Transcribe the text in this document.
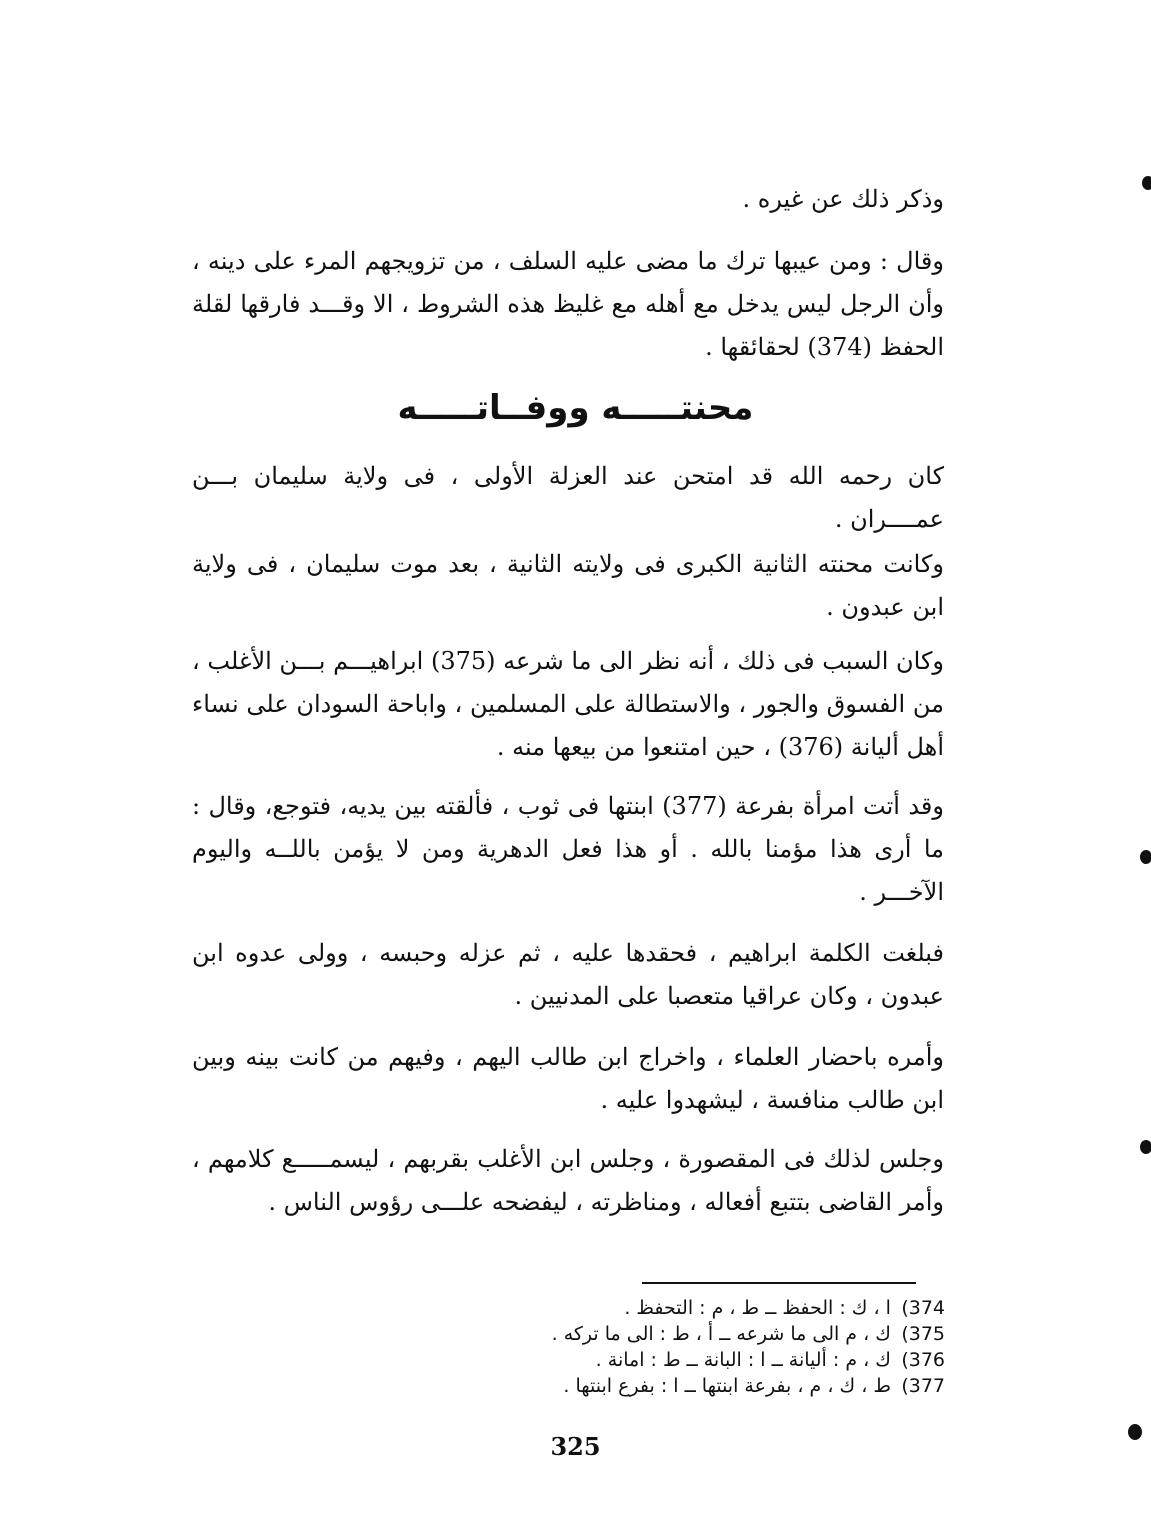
وذكر ذلك عن غيره .

وقال : ومن عيبها ترك ما مضى عليه السلف ، من تزويجهم المرء على دينه ، وأن الرجل ليس يدخل مع أهله مع غليظ هذه الشروط ، الا وقـــد فارقها لقلة الحفظ (374) لحقائقها .

محنتـــــه ووفــاتـــــه

كان رحمه الله قد امتحن عند العزلة الأولى ، فى ولاية سليمان بـــن عمــــران .

وكانت محنته الثانية الكبرى فى ولايته الثانية ، بعد موت سليمان ، فى ولاية ابن عبدون .

وكان السبب فى ذلك ، أنه نظر الى ما شرعه (375) ابراهيـــم بـــن الأغلب ، من الفسوق والجور ، والاستطالة على المسلمين ، واباحة السودان على نساء أهل أليانة (376) ، حين امتنعوا من بيعها منه .

وقد أتت امرأة بفرعة (377) ابنتها فى ثوب ، فألقته بين يديه، فتوجع، وقال : ما أرى هذا مؤمنا بالله . أو هذا فعل الدهرية ومن لا يؤمن باللــه واليوم الآخـــر .

فبلغت الكلمة ابراهيم ، فحقدها عليه ، ثم عزله وحبسه ، وولى عدوه ابن عبدون ، وكان عراقيا متعصبا على المدنيين .

وأمره باحضار العلماء ، واخراج ابن طالب اليهم ، وفيهم من كانت بينه وبين ابن طالب منافسة ، ليشهدوا عليه .

وجلس لذلك فى المقصورة ، وجلس ابن الأغلب بقربهم ، ليسمـــــع كلامهم ، وأمر القاضى بتتبع أفعاله ، ومناظرته ، ليفضحه علـــى رؤوس الناس .

374) ا ، ك : الحفظ ــ ط ، م : التحفظ .
375) ك ، م الى ما شرعه ــ أ ، ط : الى ما تركه .
376) ك ، م : أليانة ــ ا : البانة ــ ط : امانة .
377) ط ، ك ، م ، بفرعة ابنتها ــ ا : بفرع ابنتها .
325
